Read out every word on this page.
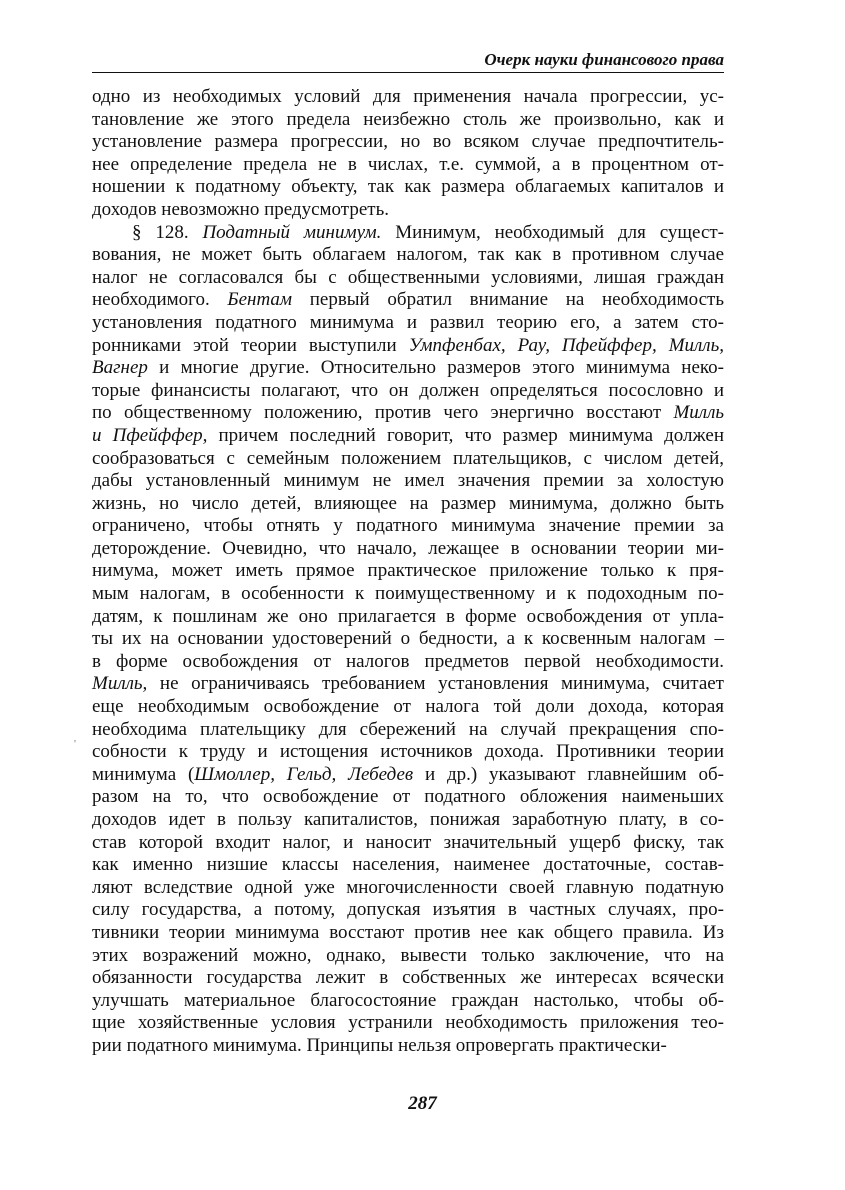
Очерк науки финансового права
одно из необходимых условий для применения начала прогрессии, ус-
тановление же этого предела неизбежно столь же произвольно, как и
установление размера прогрессии, но во всяком случае предпочтитель-
нее определение предела не в числах, т.е. суммой, а в процентном от-
ношении к податному объекту, так как размера облагаемых капиталов и
доходов невозможно предусмотреть.
§ 128. Податный минимум. Минимум, необходимый для сущест-
вования, не может быть облагаем налогом, так как в противном случае
налог не согласовался бы с общественными условиями, лишая граждан
необходимого. Бентам первый обратил внимание на необходимость
установления податного минимума и развил теорию его, а затем сто-
ронниками этой теории выступили Умпфенбах, Рау, Пфейффер, Милль,
Вагнер и многие другие. Относительно размеров этого минимума неко-
торые финансисты полагают, что он должен определяться посословно и
по общественному положению, против чего энергично восстают Милль
и Пфейффер, причем последний говорит, что размер минимума должен
сообразоваться с семейным положением плательщиков, с числом детей,
дабы установленный минимум не имел значения премии за холостую
жизнь, но число детей, влияющее на размер минимума, должно быть
ограничено, чтобы отнять у податного минимума значение премии за
деторождение. Очевидно, что начало, лежащее в основании теории ми-
нимума, может иметь прямое практическое приложение только к пря-
мым налогам, в особенности к поимущественному и к подоходным по-
датям, к пошлинам же оно прилагается в форме освобождения от упла-
ты их на основании удостоверений о бедности, а к косвенным налогам –
в форме освобождения от налогов предметов первой необходимости.
Милль, не ограничиваясь требованием установления минимума, считает
еще необходимым освобождение от налога той доли дохода, которая
необходима плательщику для сбережений на случай прекращения спо-
собности к труду и истощения источников дохода. Противники теории
минимума (Шмоллер, Гельд, Лебедев и др.) указывают главнейшим об-
разом на то, что освобождение от податного обложения наименьших
доходов идет в пользу капиталистов, понижая заработную плату, в со-
став которой входит налог, и наносит значительный ущерб фиску, так
как именно низшие классы населения, наименее достаточные, состав-
ляют вследствие одной уже многочисленности своей главную податную
силу государства, а потому, допуская изъятия в частных случаях, про-
тивники теории минимума восстают против нее как общего правила. Из
этих возражений можно, однако, вывести только заключение, что на
обязанности государства лежит в собственных же интересах всячески
улучшать материальное благосостояние граждан настолько, чтобы об-
щие хозяйственные условия устранили необходимость приложения тео-
рии податного минимума. Принципы нельзя опровергать практически-
'
287
